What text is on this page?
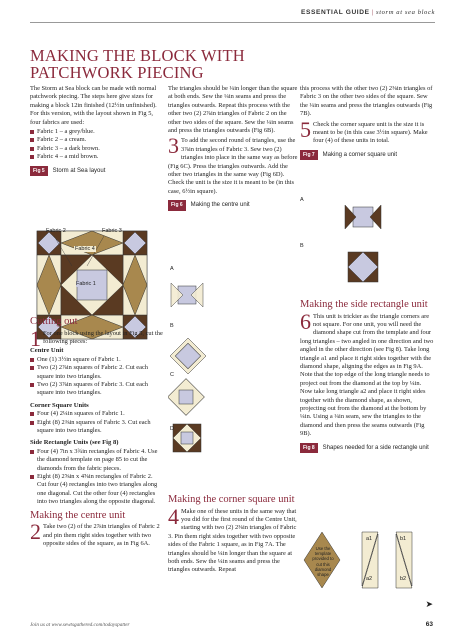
ESSENTIAL GUIDE | storm at sea block
MAKING THE BLOCK WITH PATCHWORK PIECING

The Storm at Sea block can be made with normal patchwork piecing. The steps here give sizes for making a block 12in finished (12½in unfinished). For this version, with the layout shown in Fig 5, four fabrics are used:

Fabric 1 – a grey/blue.
Fabric 2 – a cream.
Fabric 3 – a dark brown.
Fabric 4 – a mid brown.
Fig 5	Storm at Sea layout
Fabric 2	Fabric 3
Fabric 4
Fabric 1
Cutting out

1 For one block using the layout in Fig 5, cut the following pieces:

Centre Unit
One (1) 3½in square of Fabric 1.
Two (2) 2⅞in squares of Fabric 2. Cut each square into two triangles.
Two (2) 3⅞in squares of Fabric 3. Cut each square into two triangles.
Corner Square Units
Four (4) 2¼in squares of Fabric 1.
Eight (8) 2⅜in squares of Fabric 3. Cut each square into two triangles.
Side Rectangle Units (see Fig 8)
Four (4) 7in x 3¾in rectangles of Fabric 4. Use the diamond template on page 85 to cut the diamonds from the fabric pieces.
Eight (8) 2⅝in x 4⅝in rectangles of Fabric 2. Cut four (4) rectangles into two triangles along one diagonal. Cut the other four (4) rectangles into two triangles along the opposite diagonal.
Making the centre unit

2 Take two (2) of the 2⅞in triangles of Fabric 2 and pin them right sides together with two opposite sides of the square, as in Fig 6A.

The triangles should be ¼in longer than the square at both ends. Sew the ¼in seams and press the triangles outwards. Repeat this process with the other two (2) 2⅞in triangles of Fabric 2 on the other two sides of the square. Sew the ¼in seams and press the triangles outwards (Fig 6B).

3 To add the second round of triangles, use the 3⅞in triangles of Fabric 3. Sew two (2) triangles into place in the same way as before (Fig 6C). Press the triangles outwards. Add the other two triangles in the same way (Fig 6D). Check the unit is the size it is meant to be (in this case, 6½in square).

Fig 6	Making the centre unit
A
B
C
D
Making the corner square unit

4 Make one of these units in the same way that you did for the first round of the Centre Unit, starting with two (2) 2⅜in triangles of Fabric 3. Pin them right sides together with two opposite sides of the Fabric 1 square, as in Fig 7A. The triangles should be ¼in longer than the square at both ends. Sew the ¼in seams and press the triangles outwards. Repeat

this process with the other two (2) 2⅜in triangles of Fabric 3 on the other two sides of the square. Sew the ¼in seams and press the triangles outwards (Fig 7B).

5 Check the corner square unit is the size it is meant to be (in this case 3½in square). Make four (4) of these units in total.

Fig 7	Making a corner square unit
A
B
Making the side rectangle unit

6 This unit is trickier as the triangle corners are not square. For one unit, you will need the diamond shape cut from the template and four long triangles – two angled in one direction and two angled in the other direction (see Fig 8). Take long triangle a1 and place it right sides together with the diamond shape, aligning the edges as in Fig 9A. Note that the top edge of the long triangle needs to project out from the diamond at the top by ¼in. Now take long triangle a2 and place it right sides together with the diamond shape, as shown, projecting out from the diamond at the bottom by ¼in. Using a ¼in seam, sew the triangles to the diamond and then press the seams outwards (Fig 9B).

Fig 8	Shapes needed for a side rectangle unit
Use the template provided to cut this diamond shape
a1	b1
a2	b2
➤
Join us at www.sewtsgathered.com/todayspatter	63
